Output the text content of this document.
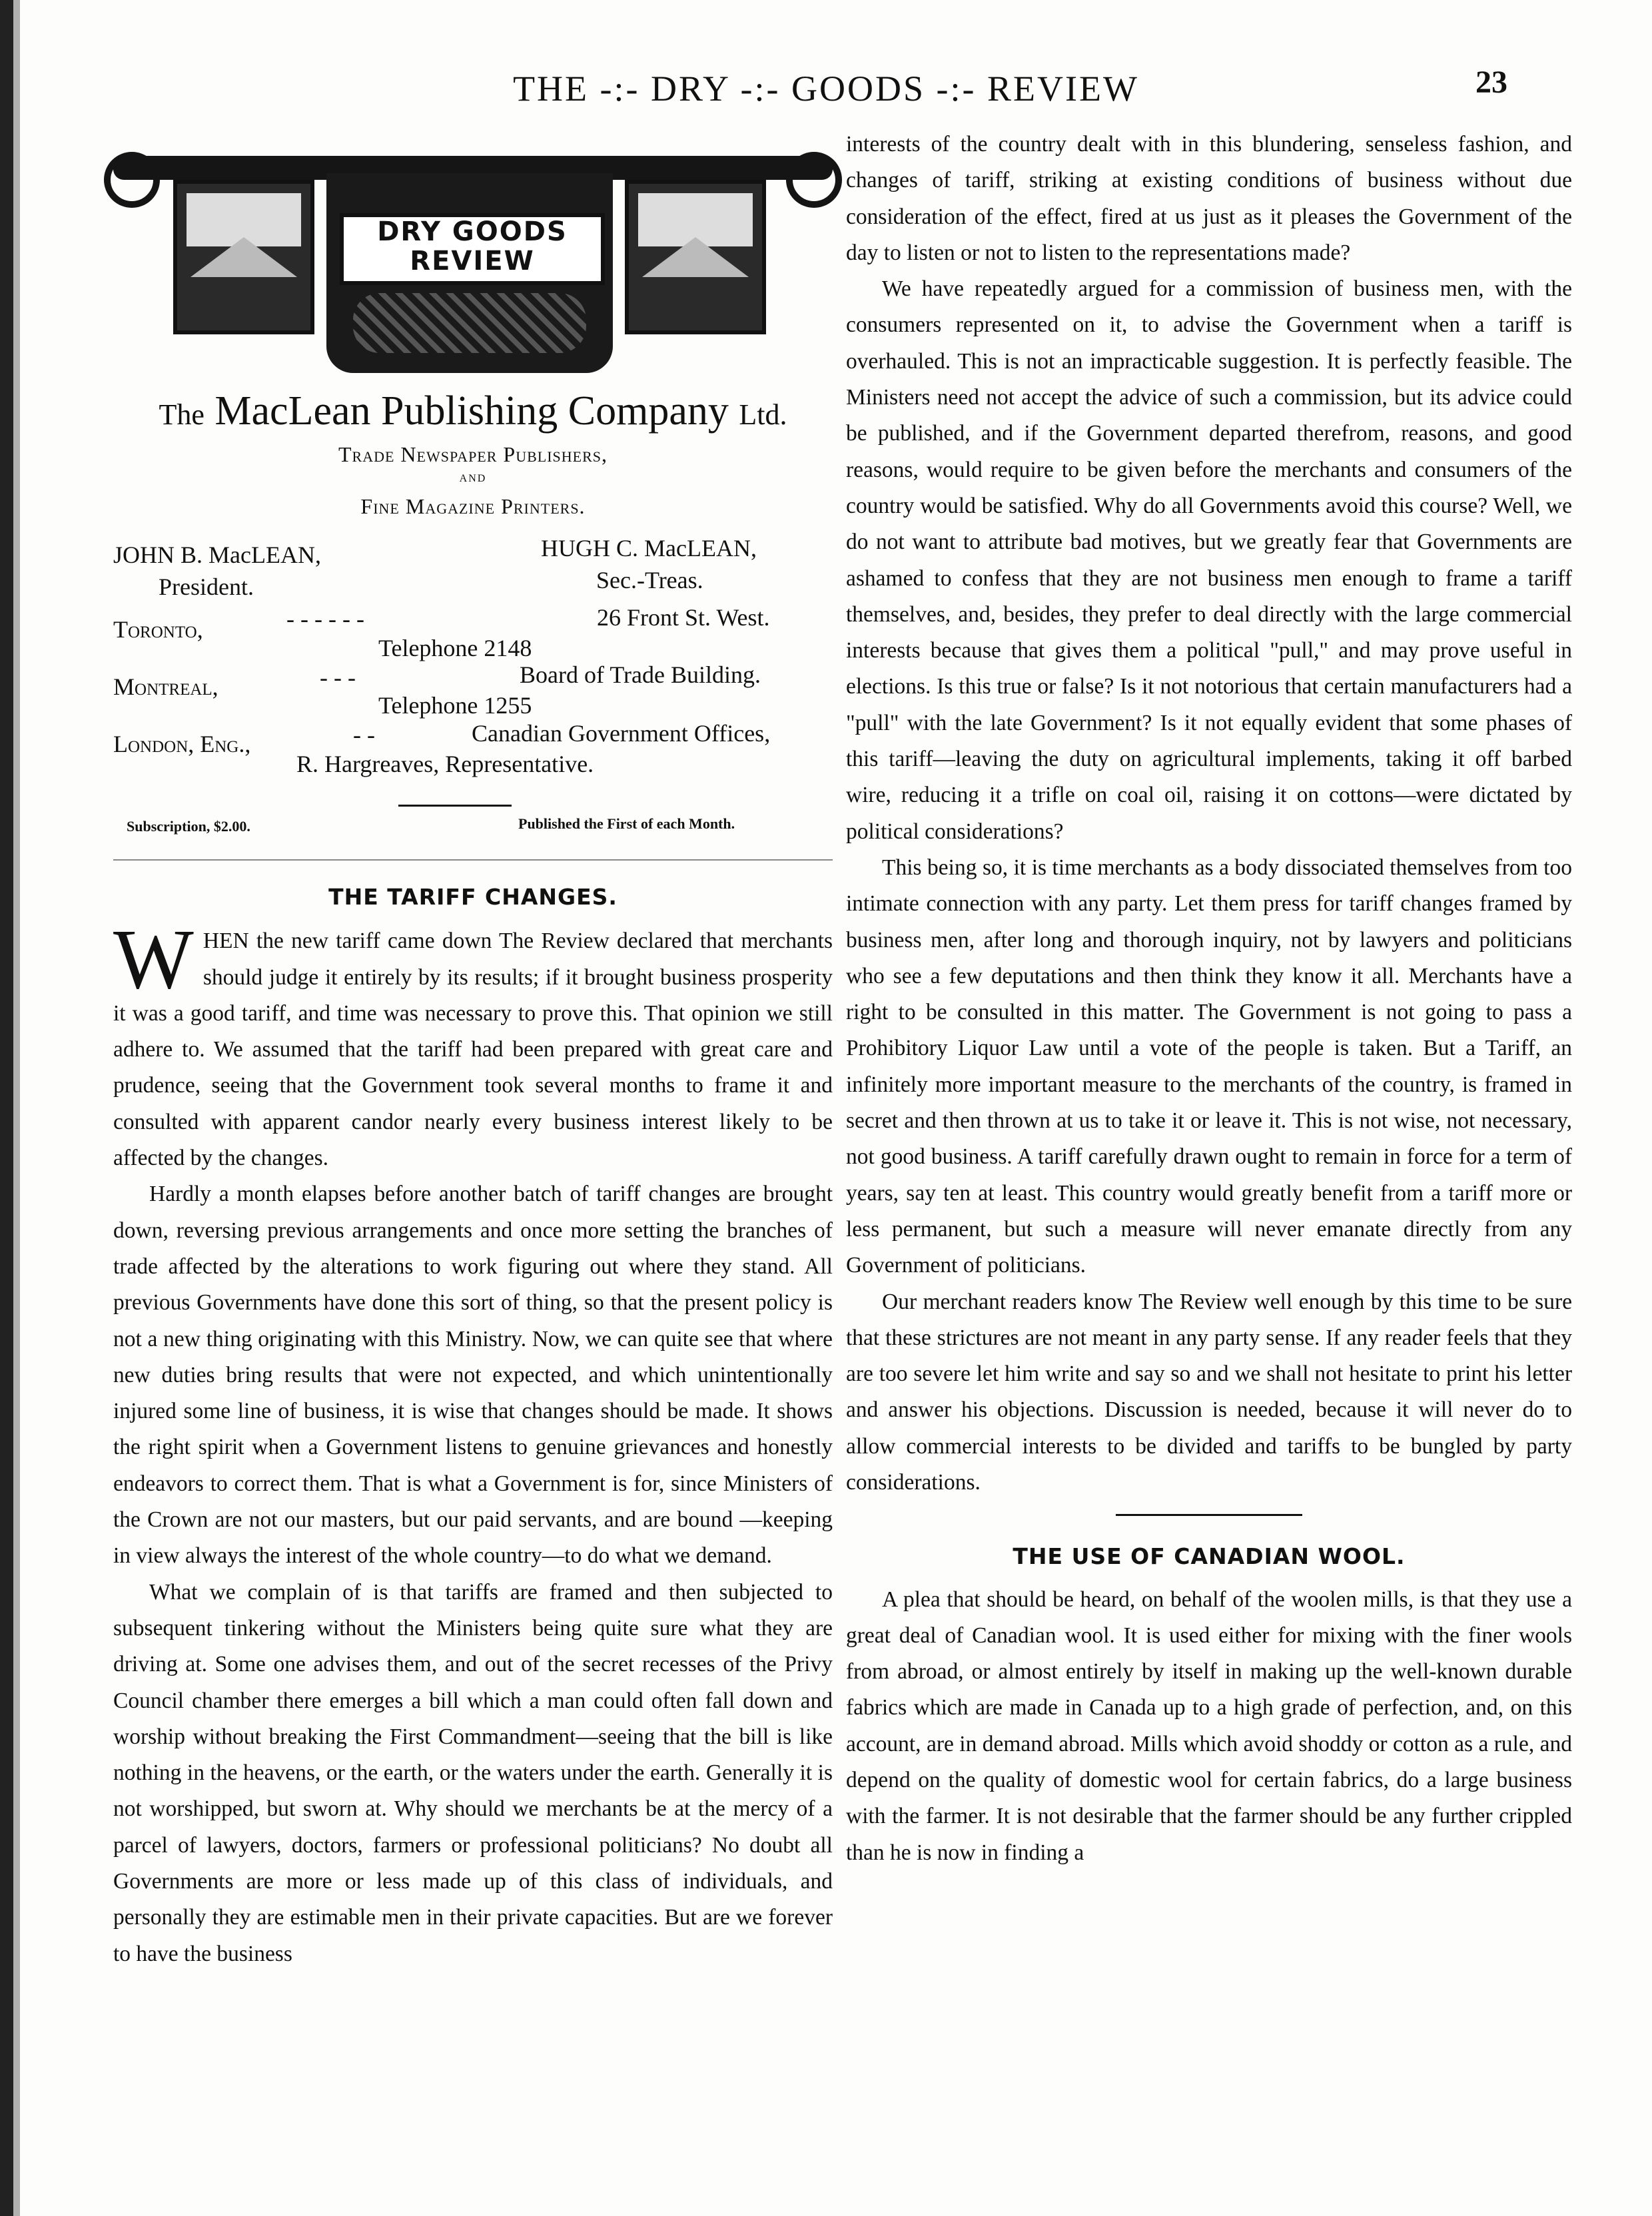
THE -:- DRY -:- GOODS -:- REVIEW	23
DRY GOODS
REVIEW
The MacLean Publishing Company Ltd.
Trade Newspaper Publishers,
AND
Fine Magazine Printers.
JOHN B. MacLEAN,
President.
HUGH C. MacLEAN,
Sec.-Treas.
Toronto,	- - - - - -	26 Front St. West.
Telephone 2148
Montreal,	- - -	Board of Trade Building.
Telephone 1255
London, Eng.,	- -	Canadian Government Offices,
R. Hargreaves, Representative.
Subscription, $2.00.	Published the First of each Month.
THE TARIFF CHANGES.

WHEN the new tariff came down The Review declared that merchants should judge it entirely by its results; if it brought business prosperity it was a good tariff, and time was necessary to prove this. That opinion we still adhere to. We assumed that the tariff had been prepared with great care and prudence, seeing that the Government took several months to frame it and consulted with apparent candor nearly every business interest likely to be affected by the changes.

Hardly a month elapses before another batch of tariff changes are brought down, reversing previous arrangements and once more setting the branches of trade affected by the alterations to work figuring out where they stand. All previous Governments have done this sort of thing, so that the present policy is not a new thing originating with this Ministry. Now, we can quite see that where new duties bring results that were not expected, and which unintentionally injured some line of business, it is wise that changes should be made. It shows the right spirit when a Government listens to genuine grievances and honestly endeavors to correct them. That is what a Government is for, since Ministers of the Crown are not our masters, but our paid servants, and are bound —keeping in view always the interest of the whole country—to do what we demand.

What we complain of is that tariffs are framed and then subjected to subsequent tinkering without the Ministers being quite sure what they are driving at. Some one advises them, and out of the secret recesses of the Privy Council chamber there emerges a bill which a man could often fall down and worship without breaking the First Commandment—seeing that the bill is like nothing in the heavens, or the earth, or the waters under the earth. Generally it is not worshipped, but sworn at. Why should we merchants be at the mercy of a parcel of lawyers, doctors, farmers or professional politicians? No doubt all Governments are more or less made up of this class of individuals, and personally they are estimable men in their private capacities. But are we forever to have the business

interests of the country dealt with in this blundering, senseless fashion, and changes of tariff, striking at existing conditions of business without due consideration of the effect, fired at us just as it pleases the Government of the day to listen or not to listen to the representations made?

We have repeatedly argued for a commission of business men, with the consumers represented on it, to advise the Government when a tariff is overhauled. This is not an impracticable suggestion. It is perfectly feasible. The Ministers need not accept the advice of such a commission, but its advice could be published, and if the Government departed therefrom, reasons, and good reasons, would require to be given before the merchants and consumers of the country would be satisfied. Why do all Governments avoid this course? Well, we do not want to attribute bad motives, but we greatly fear that Governments are ashamed to confess that they are not business men enough to frame a tariff themselves, and, besides, they prefer to deal directly with the large commercial interests because that gives them a political "pull," and may prove useful in elections. Is this true or false? Is it not notorious that certain manufacturers had a "pull" with the late Government? Is it not equally evident that some phases of this tariff—leaving the duty on agricultural implements, taking it off barbed wire, reducing it a trifle on coal oil, raising it on cottons—were dictated by political considerations?

This being so, it is time merchants as a body dissociated themselves from too intimate connection with any party. Let them press for tariff changes framed by business men, after long and thorough inquiry, not by lawyers and politicians who see a few deputations and then think they know it all. Merchants have a right to be consulted in this matter. The Government is not going to pass a Prohibitory Liquor Law until a vote of the people is taken. But a Tariff, an infinitely more important measure to the merchants of the country, is framed in secret and then thrown at us to take it or leave it. This is not wise, not necessary, not good business. A tariff carefully drawn ought to remain in force for a term of years, say ten at least. This country would greatly benefit from a tariff more or less permanent, but such a measure will never emanate directly from any Government of politicians.

Our merchant readers know The Review well enough by this time to be sure that these strictures are not meant in any party sense. If any reader feels that they are too severe let him write and say so and we shall not hesitate to print his letter and answer his objections. Discussion is needed, because it will never do to allow commercial interests to be divided and tariffs to be bungled by party considerations.

THE USE OF CANADIAN WOOL.

A plea that should be heard, on behalf of the woolen mills, is that they use a great deal of Canadian wool. It is used either for mixing with the finer wools from abroad, or almost entirely by itself in making up the well-known durable fabrics which are made in Canada up to a high grade of perfection, and, on this account, are in demand abroad. Mills which avoid shoddy or cotton as a rule, and depend on the quality of domestic wool for certain fabrics, do a large business with the farmer. It is not desirable that the farmer should be any further crippled than he is now in finding a
